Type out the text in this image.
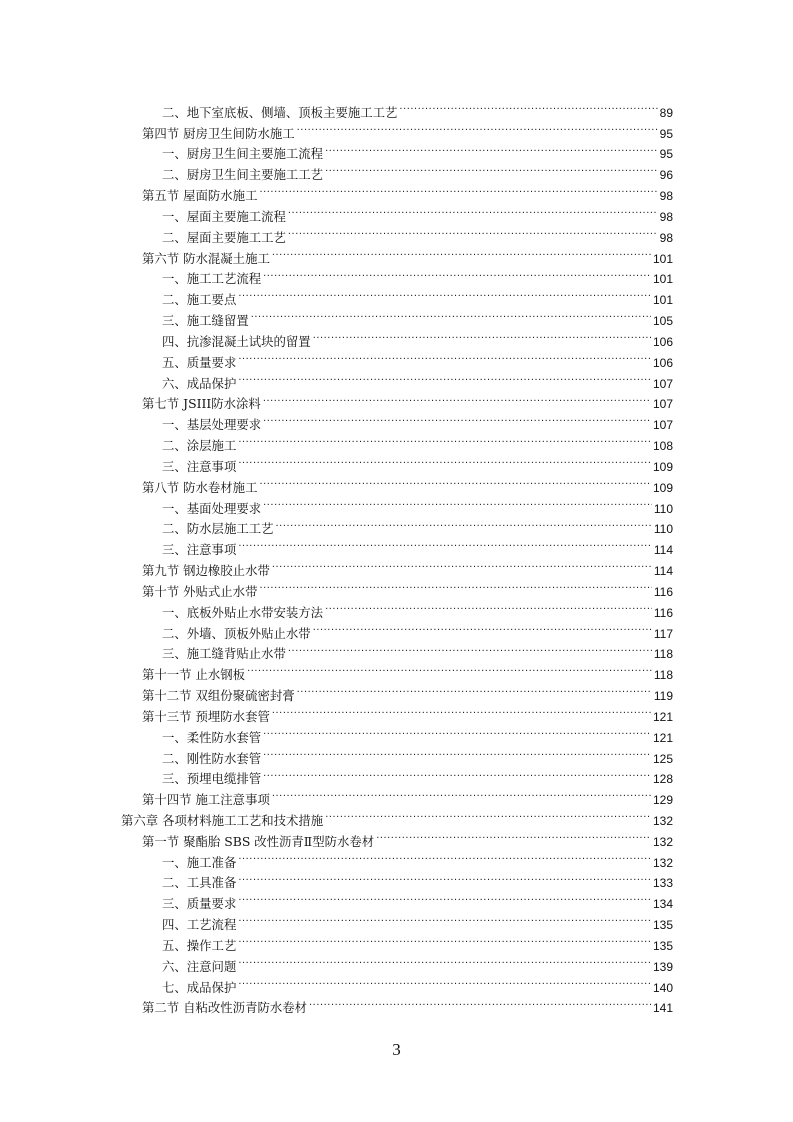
二、地下室底板、侧墙、顶板主要施工工艺 .....	89
第四节 厨房卫生间防水施工 .....	95
一、厨房卫生间主要施工流程 .....	95
二、厨房卫生间主要施工工艺 .....	96
第五节 屋面防水施工 .....	98
一、屋面主要施工流程 .....	98
二、屋面主要施工工艺 .....	98
第六节 防水混凝土施工 .....	101
一、施工工艺流程 .....	101
二、施工要点 .....	101
三、施工缝留置 .....	105
四、抗渗混凝土试块的留置 .....	106
五、质量要求 .....	106
六、成品保护 .....	107
第七节 JSIII防水涂料 .....	107
一、基层处理要求 .....	107
二、涂层施工 .....	108
三、注意事项 .....	109
第八节 防水卷材施工 .....	109
一、基面处理要求 .....	110
二、防水层施工工艺 .....	110
三、注意事项 .....	114
第九节 钢边橡胶止水带 .....	114
第十节 外贴式止水带 .....	116
一、底板外贴止水带安装方法 .....	116
二、外墙、顶板外贴止水带 .....	117
三、施工缝背贴止水带 .....	118
第十一节 止水钢板 .....	118
第十二节 双组份聚硫密封膏 .....	119
第十三节 预埋防水套管 .....	121
一、柔性防水套管 .....	121
二、刚性防水套管 .....	125
三、预埋电缆排管 .....	128
第十四节 施工注意事项 .....	129
第六章 各项材料施工工艺和技术措施 .....	132
第一节 聚酯胎 SBS 改性沥青Ⅱ型防水卷材 .....	132
一、施工准备 .....	132
二、工具准备 .....	133
三、质量要求 .....	134
四、工艺流程 .....	135
五、操作工艺 .....	135
六、注意问题 .....	139
七、成品保护 .....	140
第二节 自粘改性沥青防水卷材 .....	141
3
